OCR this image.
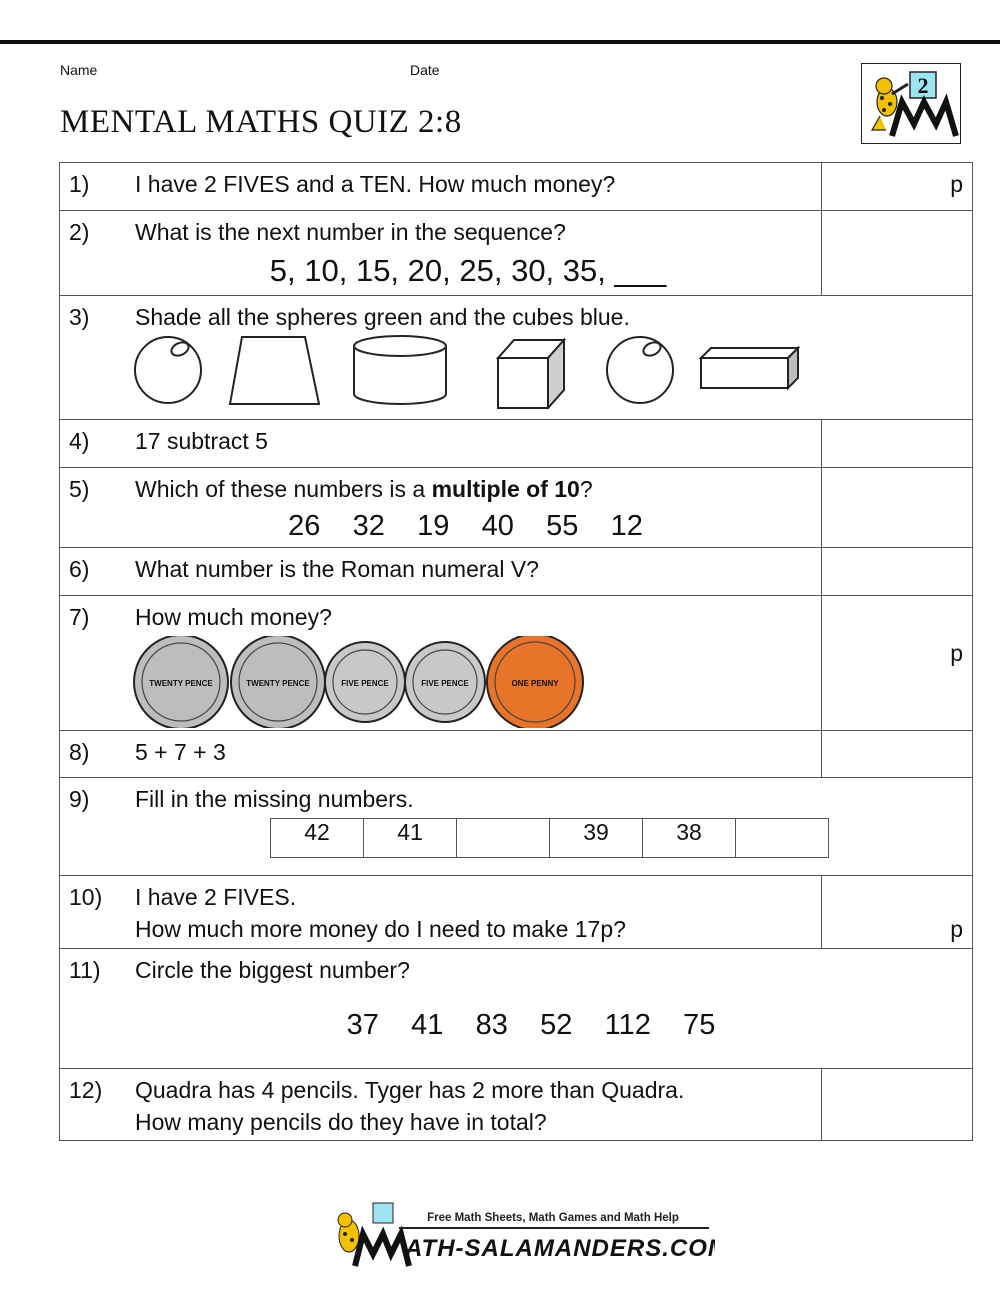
Name	Date
MENTAL MATHS QUIZ 2:8
2
1) I have 2 FIVES and a TEN. How much money?	p

2) What is the next number in the sequence?
5, 10, 15, 20, 25, 30, 35, ___

3) Shade all the spheres green and the cubes blue.

4) 17 subtract 5

5) Which of these numbers is a multiple of 10?
26    32    19    40    55    12

6) What number is the Roman numeral V?

7) How much money?
TWENTY PENCE	TWENTY PENCE	FIVE PENCE	FIVE PENCE	ONE PENNY

p

8) 5 + 7 + 3

9) Fill in the missing numbers.
42	41		39	38	

10) I have 2 FIVES.
How much more money do I need to make 17p?	p

11) Circle the biggest number?
37    41    83    52    112    75

12) Quadra has 4 pencils. Tyger has 2 more than Quadra.
How many pencils do they have in total?

Free Math Sheets, Math Games and Math Help
ATH-SALAMANDERS.COM
